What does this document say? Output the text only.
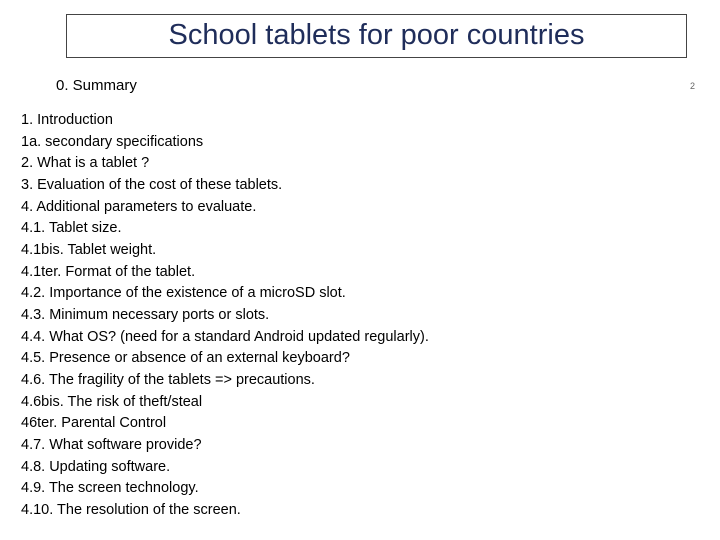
School tablets for poor countries
0. Summary	2
1. Introduction
1a. secondary specifications
2. What is a tablet ?
3. Evaluation of the cost of these tablets.
4. Additional parameters to evaluate.
4.1. Tablet size.
4.1bis. Tablet weight.
4.1ter. Format of the tablet.
4.2. Importance of the existence of a microSD slot.
4.3. Minimum necessary ports or slots.
4.4. What OS? (need for a standard Android updated regularly).
4.5. Presence or absence of an external keyboard?
4.6. The fragility of the tablets => precautions.
4.6bis. The risk of theft/steal
46ter. Parental Control
4.7. What software provide?
4.8. Updating software.
4.9. The screen technology.
4.10. The resolution of the screen.
